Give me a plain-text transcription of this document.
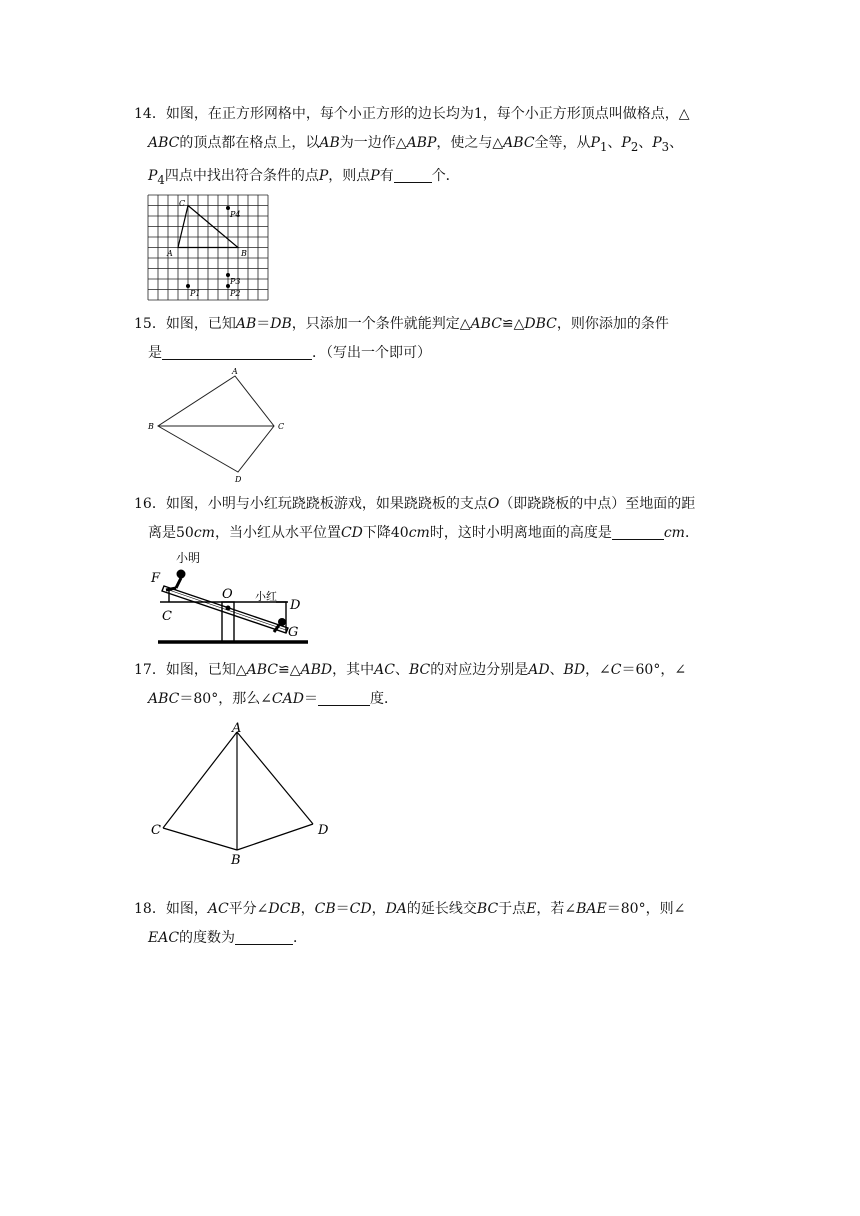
14．如图，在正方形网格中，每个小正方形的边长均为1，每个小正方形顶点叫做格点，△

ABC的顶点都在格点上，以AB为一边作△ABP，使之与△ABC全等，从$P_1$、$P_2$、$P_3$、

$P_4$四点中找出符合条件的点P，则点P有	个．

C
A	B
P4
P1
P3
P2

15．如图，已知AB＝DB，只添加一个条件就能判定△ABC≌△DBC，则你添加的条件

是	．（写出一个即可）

A
B	C
D

16．如图，小明与小红玩跷跷板游戏，如果跷跷板的支点O（即跷跷板的中点）至地面的距

离是50cm，当小红从水平位置CD下降40cm时，这时小明离地面的高度是	cm．

小明
小红
F
C
O
D
G

17．如图，已知△ABC≌△ABD，其中AC、BC的对应边分别是AD、BD，∠C＝60°，∠

ABC＝80°，那么∠CAD＝	度．

A
C	D
B

18．如图，AC平分∠DCB，CB＝CD，DA的延长线交BC于点E，若∠BAE＝80°，则∠

EAC的度数为	．
